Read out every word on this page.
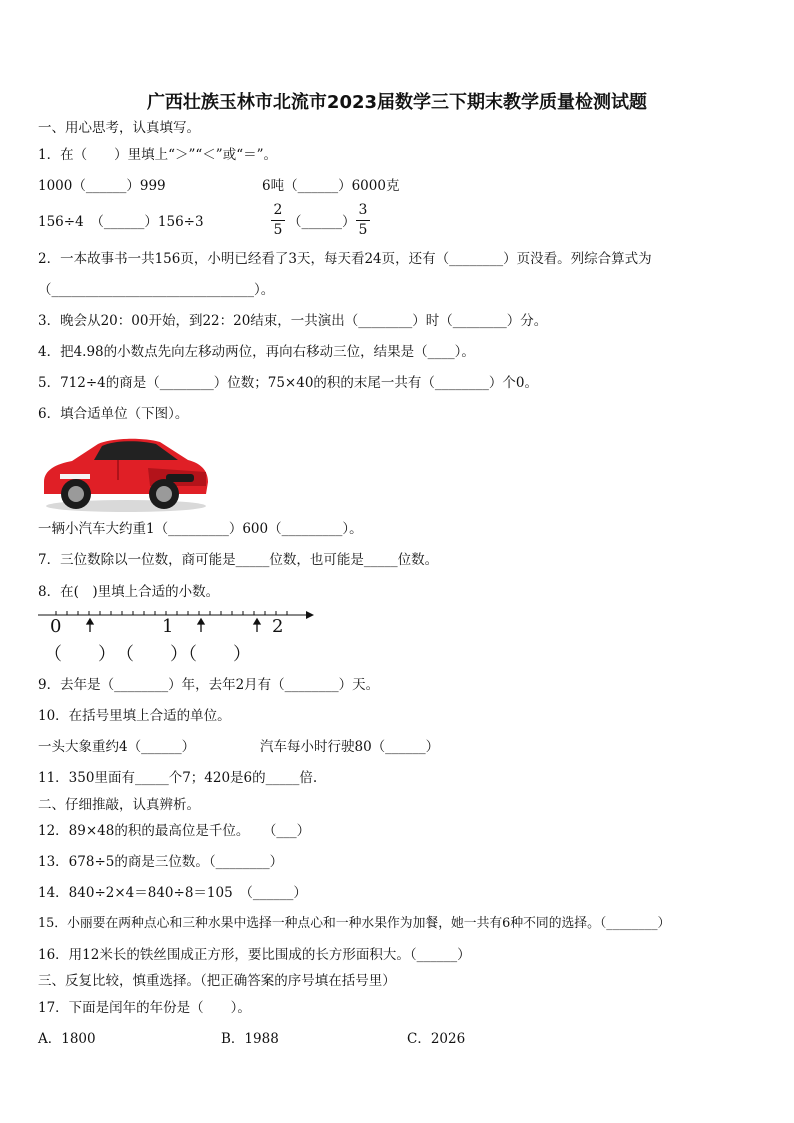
广西壮族玉林市北流市2023届数学三下期末教学质量检测试题
一、用心思考，认真填写。
1．在（　　）里填上“＞”“＜”或“＝”。
1000（______）999	6吨（______）6000克
156÷4　（______）156÷3
2
5 （______）
3
5
2．一本故事书一共156页，小明已经看了3天，每天看24页，还有（________）页没看。列综合算式为
（______________________________）。
3．晚会从20：00开始，到22：20结束，一共演出（________）时（________）分。
4．把4.98的小数点先向左移动两位，再向右移动三位，结果是（____）。
5．712÷4的商是（________）位数；75×40的积的末尾一共有（________）个0。
6．填合适单位（下图）。
一辆小汽车大约重1（_________）600（_________）。
7．三位数除以一位数，商可能是_____位数，也可能是_____位数。
8．在(　)里填上合适的小数。
0	1	2
（　　）　（　　）（　　）
9．去年是（________）年，去年2月有（________）天。
10．在括号里填上合适的单位。
一头大象重约4（______）	汽车每小时行驶80（______）
11．350里面有_____个7；420是6的_____倍.
二、仔细推敲，认真辨析。
12．89×48的积的最高位是千位。　　（___）
13．678÷5的商是三位数。（________）
14．840÷2×4＝840÷8＝105　（______）
15．小丽要在两种点心和三种水果中选择一种点心和一种水果作为加餐，她一共有6种不同的选择。（________）
16．用12米长的铁丝围成正方形，要比围成的长方形面积大。（______）
三、反复比较，慎重选择。（把正确答案的序号填在括号里）
17．下面是闰年的年份是（　　）。
A．1800	B．1988	C．2026
